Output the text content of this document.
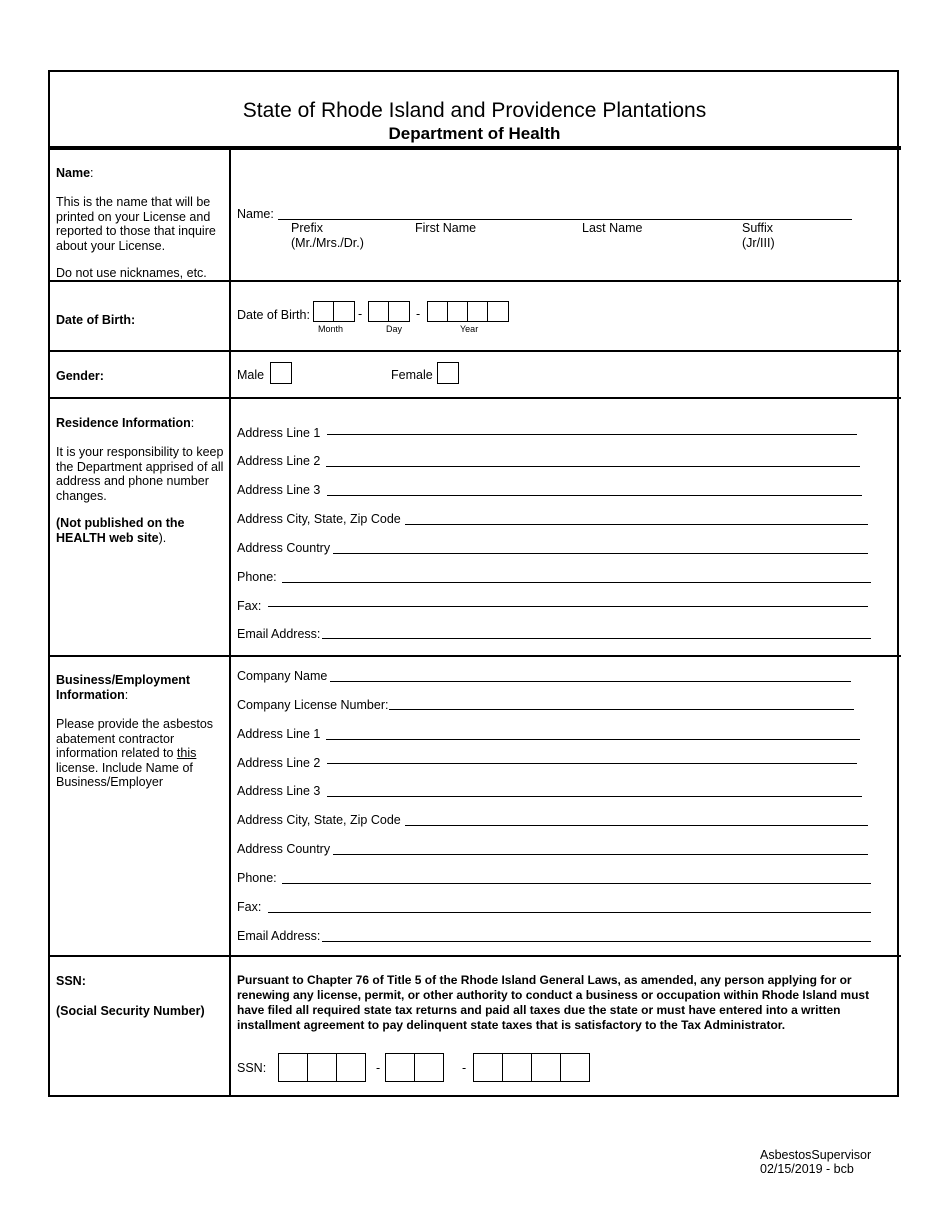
State of Rhode Island and Providence Plantations
Department of Health
Name:
This is the name that will be printed on your License and reported to those that inquire about your License.
Do not use nicknames, etc.
Name:
Prefix
(Mr./Mrs./Dr.)
First Name	Last Name	Suffix
(Jr/III)
Date of Birth:	Date of Birth:	-	-
Month	Day	Year
Gender:	Male	Female
Residence Information:
It is your responsibility to keep the Department apprised of all address and phone number changes.
(Not published on the HEALTH web site).
Address Line 1
Address Line 2
Address Line 3
Address City, State, Zip Code
Address Country
Phone:
Fax:
Email Address:
Business/Employment Information:
Please provide the asbestos abatement contractor information related to this license. Include Name of Business/Employer
Company Name
Company License Number:
Address Line 1
Address Line 2
Address Line 3
Address City, State, Zip Code
Address Country
Phone:
Fax:
Email Address:
SSN:
(Social Security Number)
Pursuant to Chapter 76 of Title 5 of the Rhode Island General Laws, as amended, any person applying for or renewing any license, permit, or other authority to conduct a business or occupation within Rhode Island must have filed all required state tax returns and paid all taxes due the state or must have entered into a written installment agreement to pay delinquent state taxes that is satisfactory to the Tax Administrator.
SSN:	-	-
AsbestosSupervisor
02/15/2019 - bcb
